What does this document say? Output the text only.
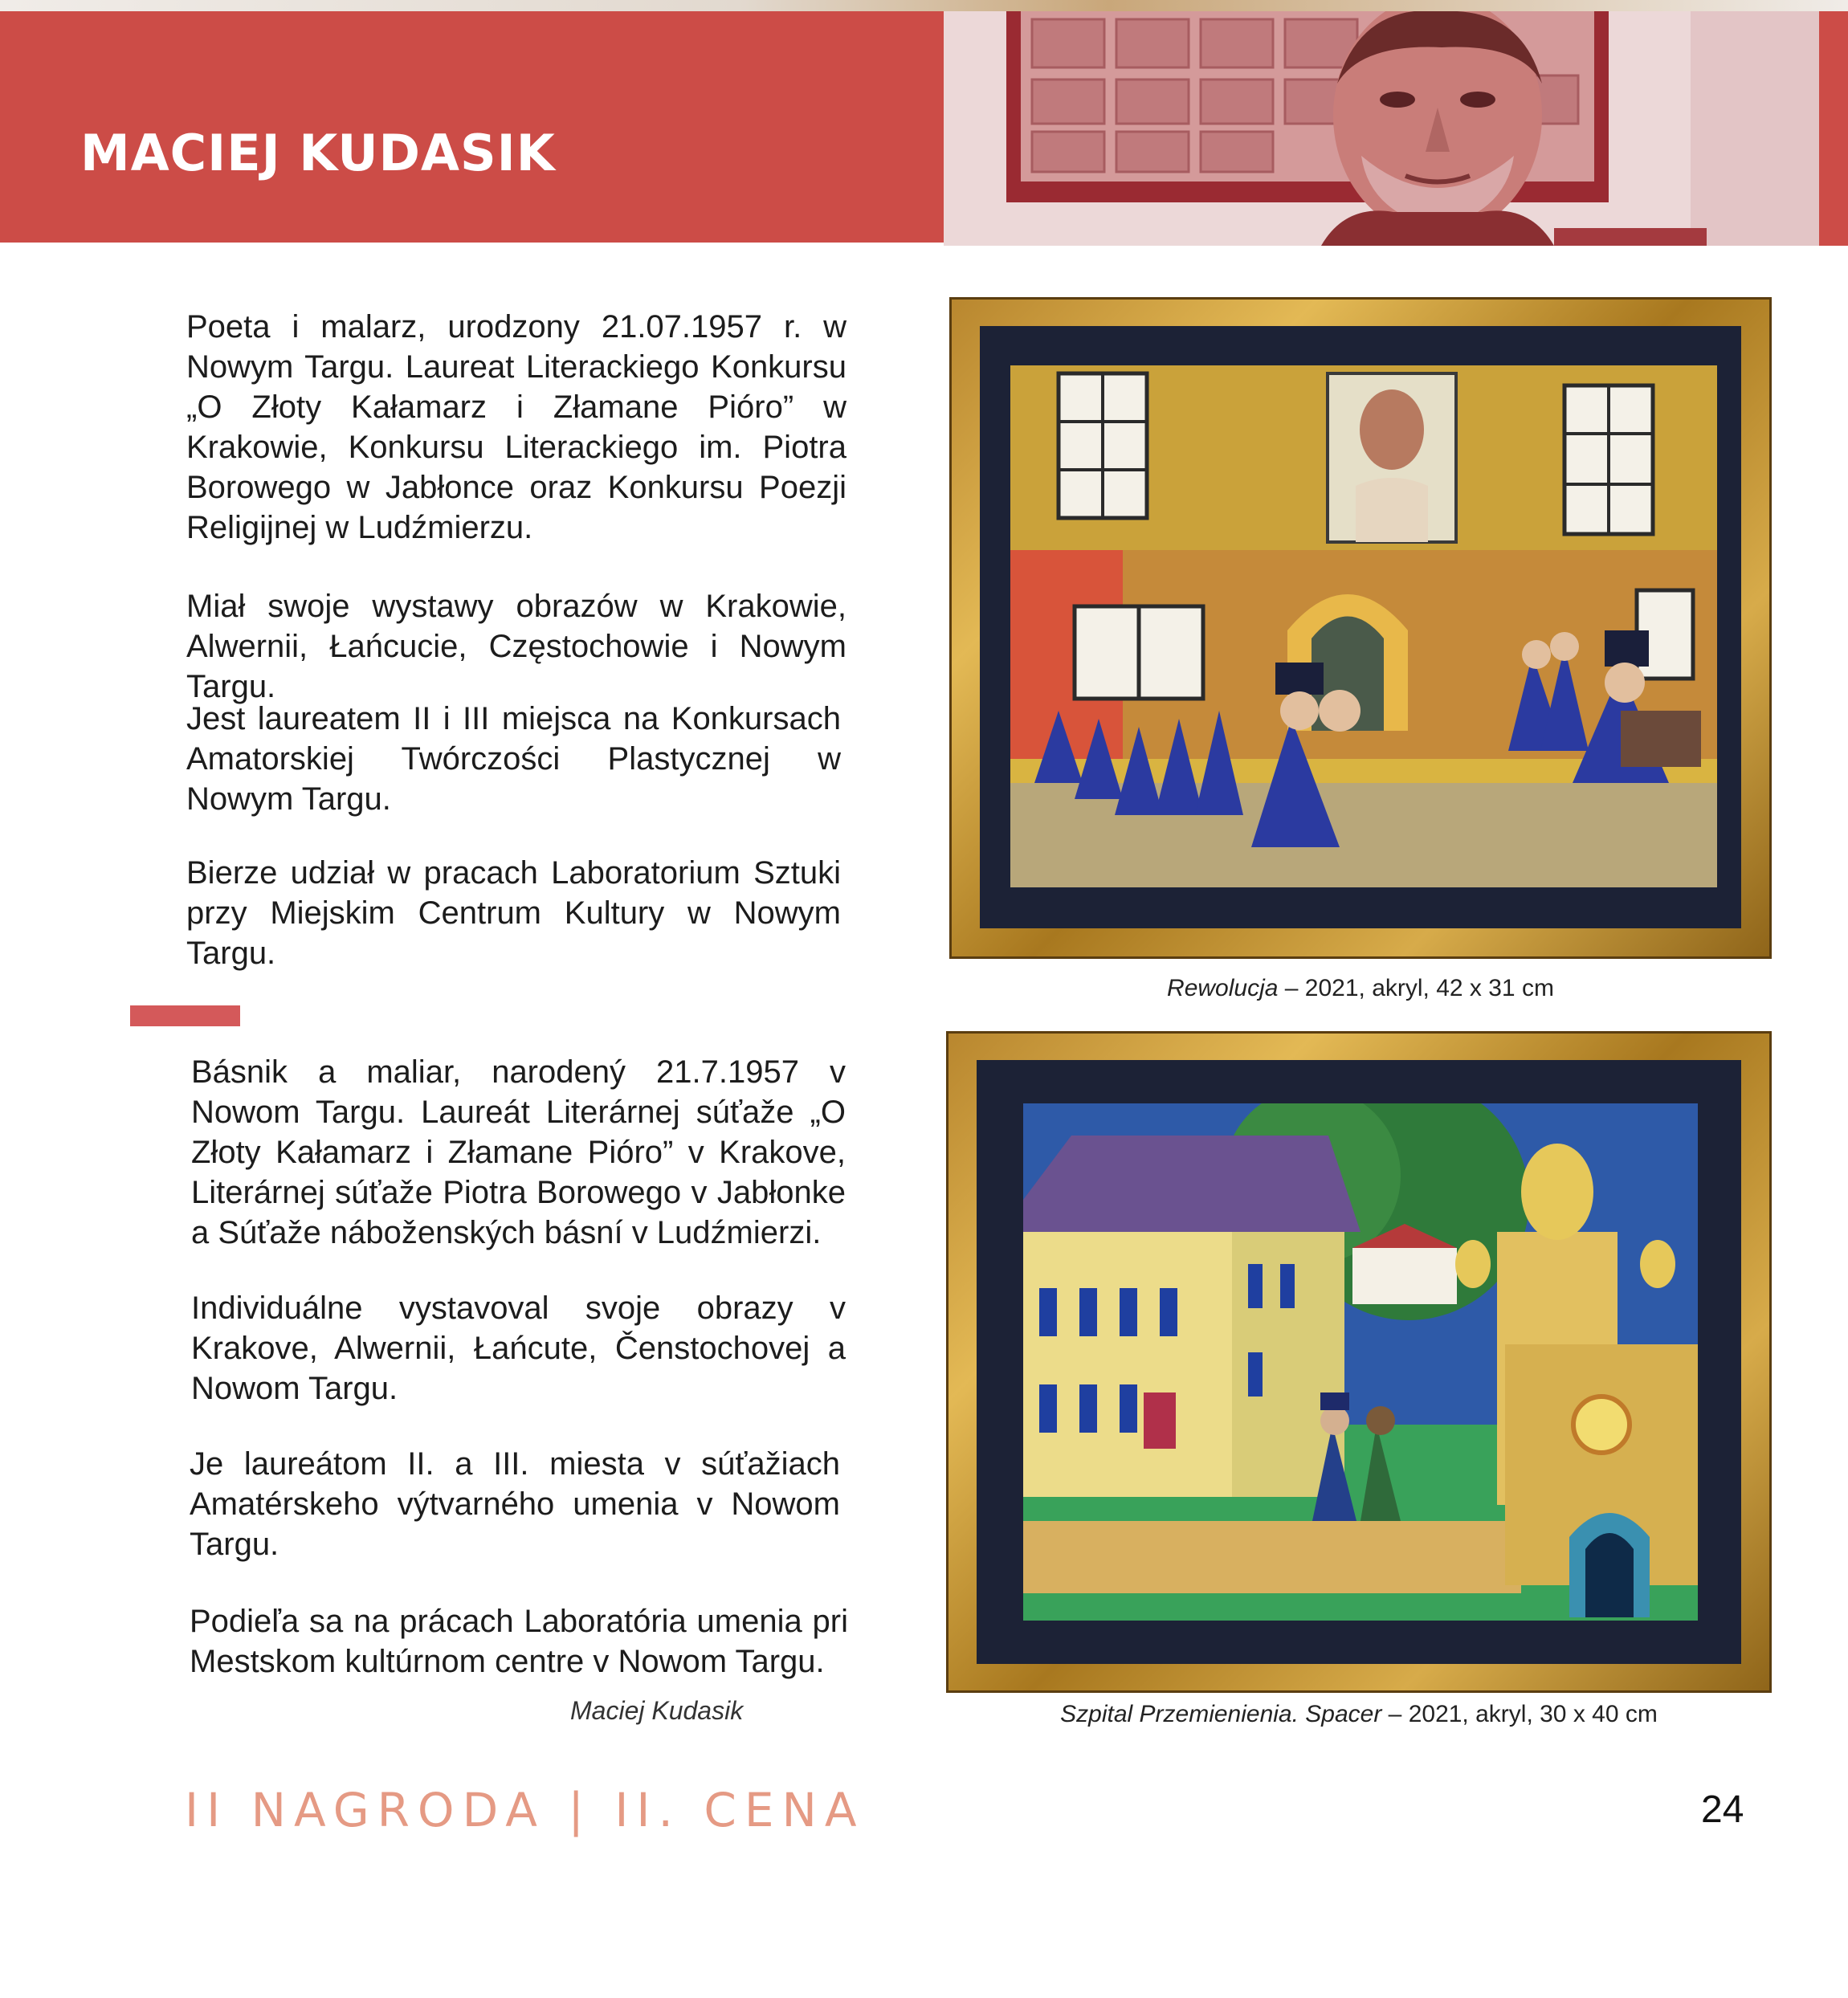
MACIEJ KUDASIK

Poeta i malarz, urodzony 21.07.1957 r. w Nowym Targu. Laureat Literackiego Konkursu „O Złoty Kałamarz i Złamane Pióro” w Krakowie, Konkursu Literackiego im. Piotra Borowego w Jabłonce oraz Konkursu Poezji Religijnej w Ludźmierzu.

Miał swoje wystawy obrazów w Krakowie, Alwernii, Łańcucie, Częstochowie i Nowym Targu.

Jest laureatem II i III miejsca na Konkursach Amatorskiej Twórczości Plastycznej w Nowym Targu.

Bierze udział w pracach Laboratorium Sztuki przy Miejskim Centrum Kultury w Nowym Targu.

Básnik a maliar, narodený 21.7.1957 v Nowom Targu. Laureát Literárnej súťaže „O Złoty Kałamarz i Złamane Pióro” v Krakove, Literárnej súťaže Piotra Borowego v Jabłonke a Súťaže náboženských básní v Ludźmierzi.

Individuálne vystavoval svoje obrazy v Krakove, Alwernii, Łańcute, Čenstochovej a Nowom Targu.

Je laureátom II. a III. miesta v súťažiach Amatérskeho výtvarného umenia v Nowom Targu.

Podieľa sa na prácach Laboratória umenia pri Mestskom kultúrnom centre v Nowom Targu.

Maciej Kudasik
Rewolucja – 2021, akryl, 42 x 31 cm
Szpital Przemienienia. Spacer – 2021, akryl, 30 x 40 cm
II NAGRODA | II. CENA	24
